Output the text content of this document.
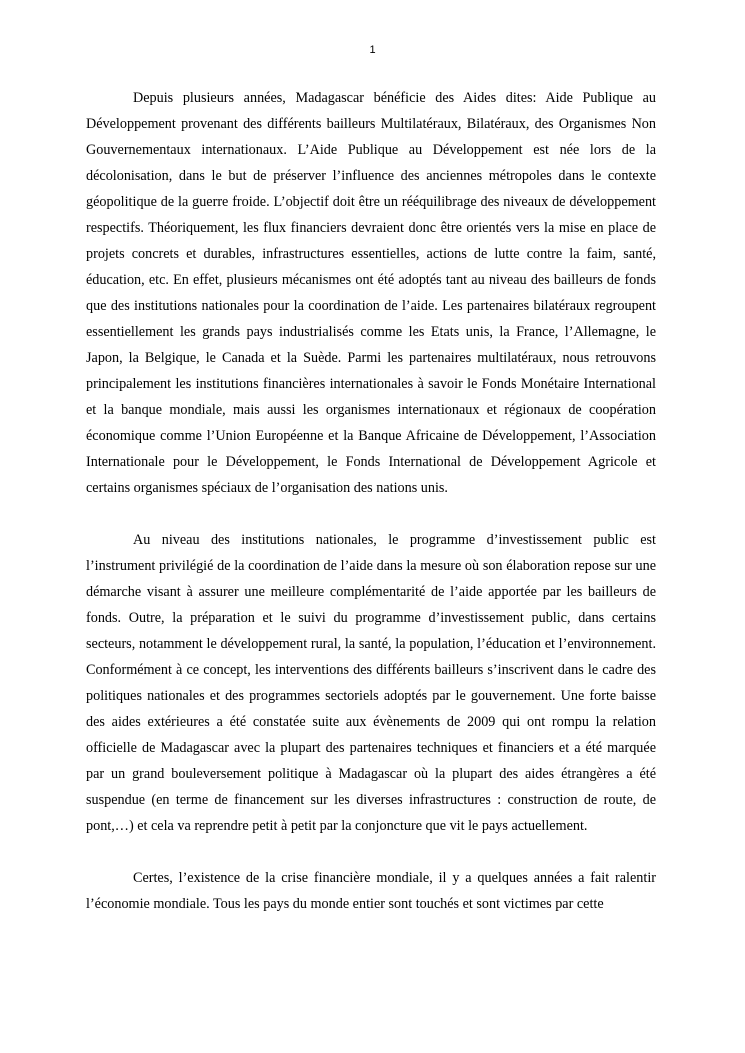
1

Depuis plusieurs années, Madagascar bénéficie des Aides dites: Aide Publique au Développement provenant des différents bailleurs Multilatéraux, Bilatéraux, des Organismes Non Gouvernementaux internationaux. L’Aide Publique au Développement est née lors de la décolonisation, dans le but de préserver l’influence des anciennes métropoles dans le contexte géopolitique de la guerre froide. L’objectif doit être un rééquilibrage des niveaux de développement respectifs. Théoriquement, les flux financiers devraient donc être orientés vers la mise en place de projets concrets et durables, infrastructures essentielles, actions de lutte contre la faim, santé, éducation, etc. En effet, plusieurs mécanismes ont été adoptés tant au niveau des bailleurs de fonds que des institutions nationales pour la coordination de l’aide. Les partenaires bilatéraux regroupent essentiellement les grands pays industrialisés comme les Etats unis, la France, l’Allemagne, le Japon, la Belgique, le Canada et la Suède. Parmi les partenaires multilatéraux, nous retrouvons principalement les institutions financières internationales à savoir le Fonds Monétaire International et la banque mondiale, mais aussi les organismes internationaux et régionaux de coopération économique comme l’Union Européenne et la Banque Africaine de Développement, l’Association Internationale pour le Développement, le Fonds International de Développement Agricole et certains organismes spéciaux de l’organisation des nations unis.

Au niveau des institutions nationales, le programme d’investissement public est l’instrument privilégié de la coordination de l’aide dans la mesure où son élaboration repose sur une démarche visant à assurer une meilleure complémentarité de l’aide apportée par les bailleurs de fonds. Outre, la préparation et le suivi du programme d’investissement public, dans certains secteurs, notamment le développement rural, la santé, la population, l’éducation et l’environnement. Conformément à ce concept, les interventions des différents bailleurs s’inscrivent dans le cadre des politiques nationales et des programmes sectoriels adoptés par le gouvernement. Une forte baisse des aides extérieures a été constatée suite aux évènements de 2009 qui ont rompu la relation officielle de Madagascar avec la plupart des partenaires techniques et financiers et a été marquée par un grand bouleversement politique à Madagascar où la plupart des aides étrangères a été suspendue (en terme de financement sur les diverses infrastructures : construction de route, de pont,…) et cela va reprendre petit à petit par la conjoncture que vit le pays actuellement.

Certes, l’existence de la crise financière mondiale, il y a quelques années a fait ralentir l’économie mondiale. Tous les pays du monde entier sont touchés et sont victimes par cette
